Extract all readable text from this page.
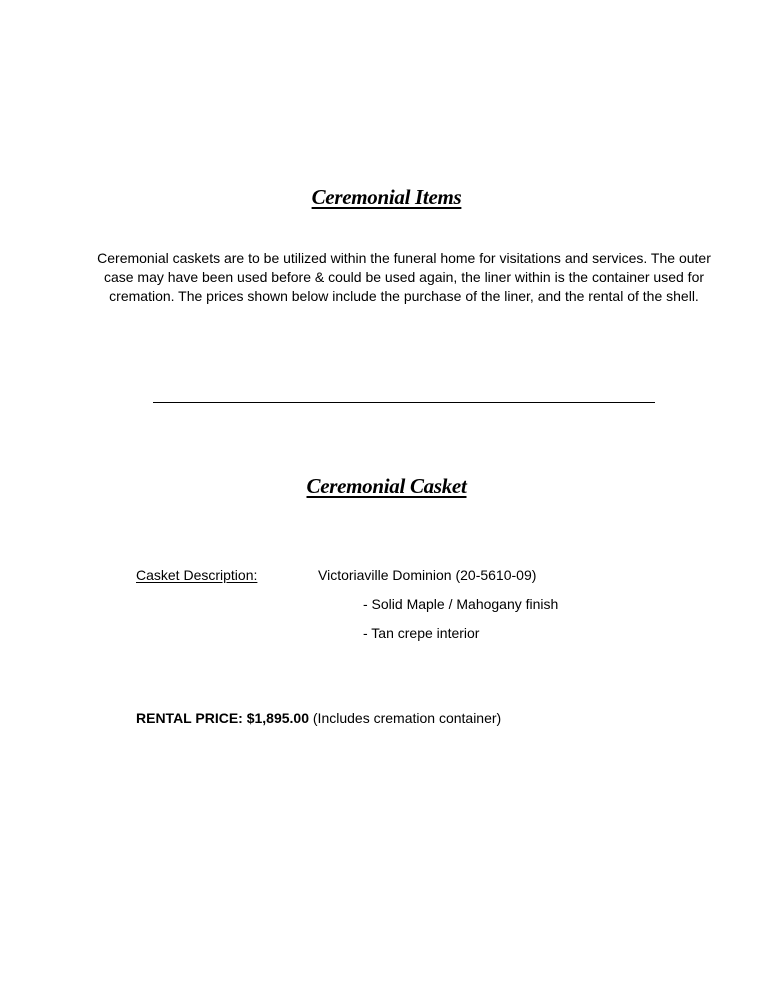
Ceremonial Items
Ceremonial caskets are to be utilized within the funeral home for visitations and services. The outer case may have been used before & could be used again, the liner within is the container used for cremation. The prices shown below include the purchase of the liner, and the rental of the shell.
Ceremonial Casket
Casket Description:	Victoriaville Dominion (20-5610-09)
- Solid Maple / Mahogany finish
- Tan crepe interior
RENTAL PRICE: $1,895.00 (Includes cremation container)
